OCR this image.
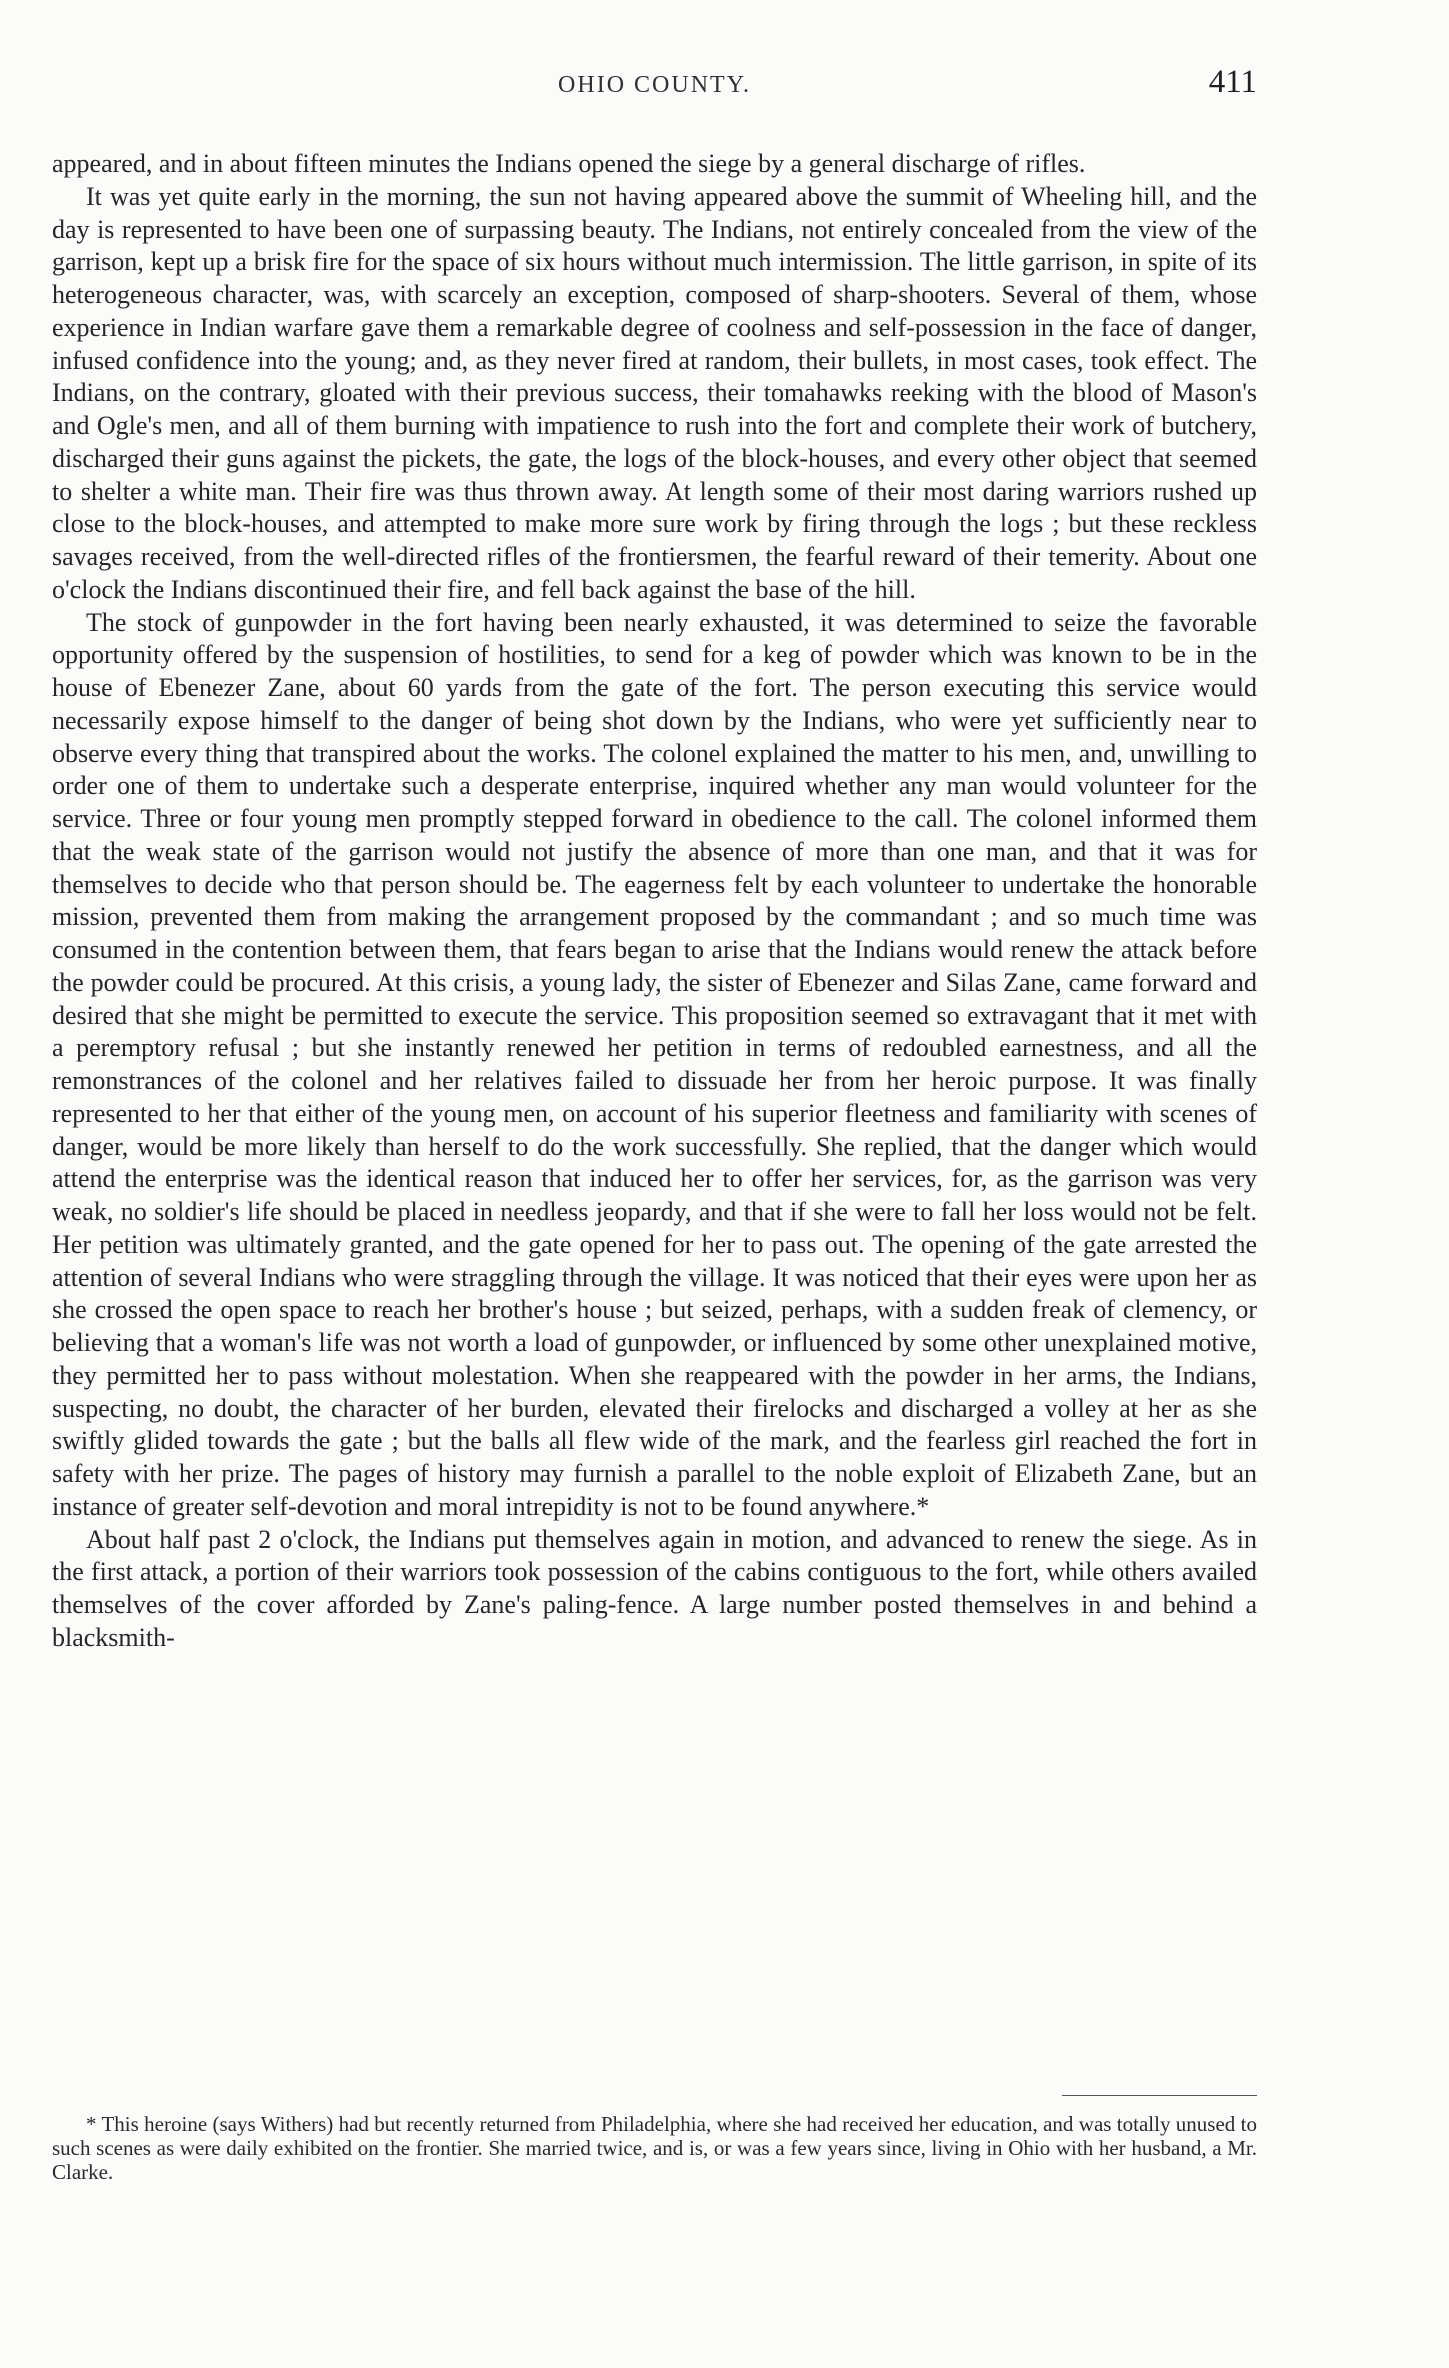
OHIO COUNTY.	411

appeared, and in about fifteen minutes the Indians opened the siege by a general discharge of rifles.

It was yet quite early in the morning, the sun not having appeared above the summit of Wheeling hill, and the day is represented to have been one of surpassing beauty. The Indians, not entirely concealed from the view of the garrison, kept up a brisk fire for the space of six hours without much intermission. The little garrison, in spite of its heterogeneous character, was, with scarcely an exception, composed of sharp-shooters. Several of them, whose experience in Indian warfare gave them a remarkable degree of coolness and self-possession in the face of danger, infused confidence into the young; and, as they never fired at random, their bullets, in most cases, took effect. The Indians, on the contrary, gloated with their previous success, their tomahawks reeking with the blood of Mason's and Ogle's men, and all of them burning with impatience to rush into the fort and complete their work of butchery, discharged their guns against the pickets, the gate, the logs of the block-houses, and every other object that seemed to shelter a white man. Their fire was thus thrown away. At length some of their most daring warriors rushed up close to the block-houses, and attempted to make more sure work by firing through the logs ; but these reckless savages received, from the well-directed rifles of the frontiersmen, the fearful reward of their temerity. About one o'clock the Indians discontinued their fire, and fell back against the base of the hill.

The stock of gunpowder in the fort having been nearly exhausted, it was determined to seize the favorable opportunity offered by the suspension of hostilities, to send for a keg of powder which was known to be in the house of Ebenezer Zane, about 60 yards from the gate of the fort. The person executing this service would necessarily expose himself to the danger of being shot down by the Indians, who were yet sufficiently near to observe every thing that transpired about the works. The colonel explained the matter to his men, and, unwilling to order one of them to undertake such a desperate enterprise, inquired whether any man would volunteer for the service. Three or four young men promptly stepped forward in obedience to the call. The colonel informed them that the weak state of the garrison would not justify the absence of more than one man, and that it was for themselves to decide who that person should be. The eagerness felt by each volunteer to undertake the honorable mission, prevented them from making the arrangement proposed by the commandant ; and so much time was consumed in the contention between them, that fears began to arise that the Indians would renew the attack before the powder could be procured. At this crisis, a young lady, the sister of Ebenezer and Silas Zane, came forward and desired that she might be permitted to execute the service. This proposition seemed so extravagant that it met with a peremptory refusal ; but she instantly renewed her petition in terms of redoubled earnestness, and all the remonstrances of the colonel and her relatives failed to dissuade her from her heroic purpose. It was finally represented to her that either of the young men, on account of his superior fleetness and familiarity with scenes of danger, would be more likely than herself to do the work successfully. She replied, that the danger which would attend the enterprise was the identical reason that induced her to offer her services, for, as the garrison was very weak, no soldier's life should be placed in needless jeopardy, and that if she were to fall her loss would not be felt. Her petition was ultimately granted, and the gate opened for her to pass out. The opening of the gate arrested the attention of several Indians who were straggling through the village. It was noticed that their eyes were upon her as she crossed the open space to reach her brother's house ; but seized, perhaps, with a sudden freak of clemency, or believing that a woman's life was not worth a load of gunpowder, or influenced by some other unexplained motive, they permitted her to pass without molestation. When she reappeared with the powder in her arms, the Indians, suspecting, no doubt, the character of her burden, elevated their firelocks and discharged a volley at her as she swiftly glided towards the gate ; but the balls all flew wide of the mark, and the fearless girl reached the fort in safety with her prize. The pages of history may furnish a parallel to the noble exploit of Elizabeth Zane, but an instance of greater self-devotion and moral intrepidity is not to be found anywhere.*

About half past 2 o'clock, the Indians put themselves again in motion, and advanced to renew the siege. As in the first attack, a portion of their warriors took possession of the cabins contiguous to the fort, while others availed themselves of the cover afforded by Zane's paling-fence. A large number posted themselves in and behind a blacksmith-

* This heroine (says Withers) had but recently returned from Philadelphia, where she had received her education, and was totally unused to such scenes as were daily exhibited on the frontier. She married twice, and is, or was a few years since, living in Ohio with her husband, a Mr. Clarke.
